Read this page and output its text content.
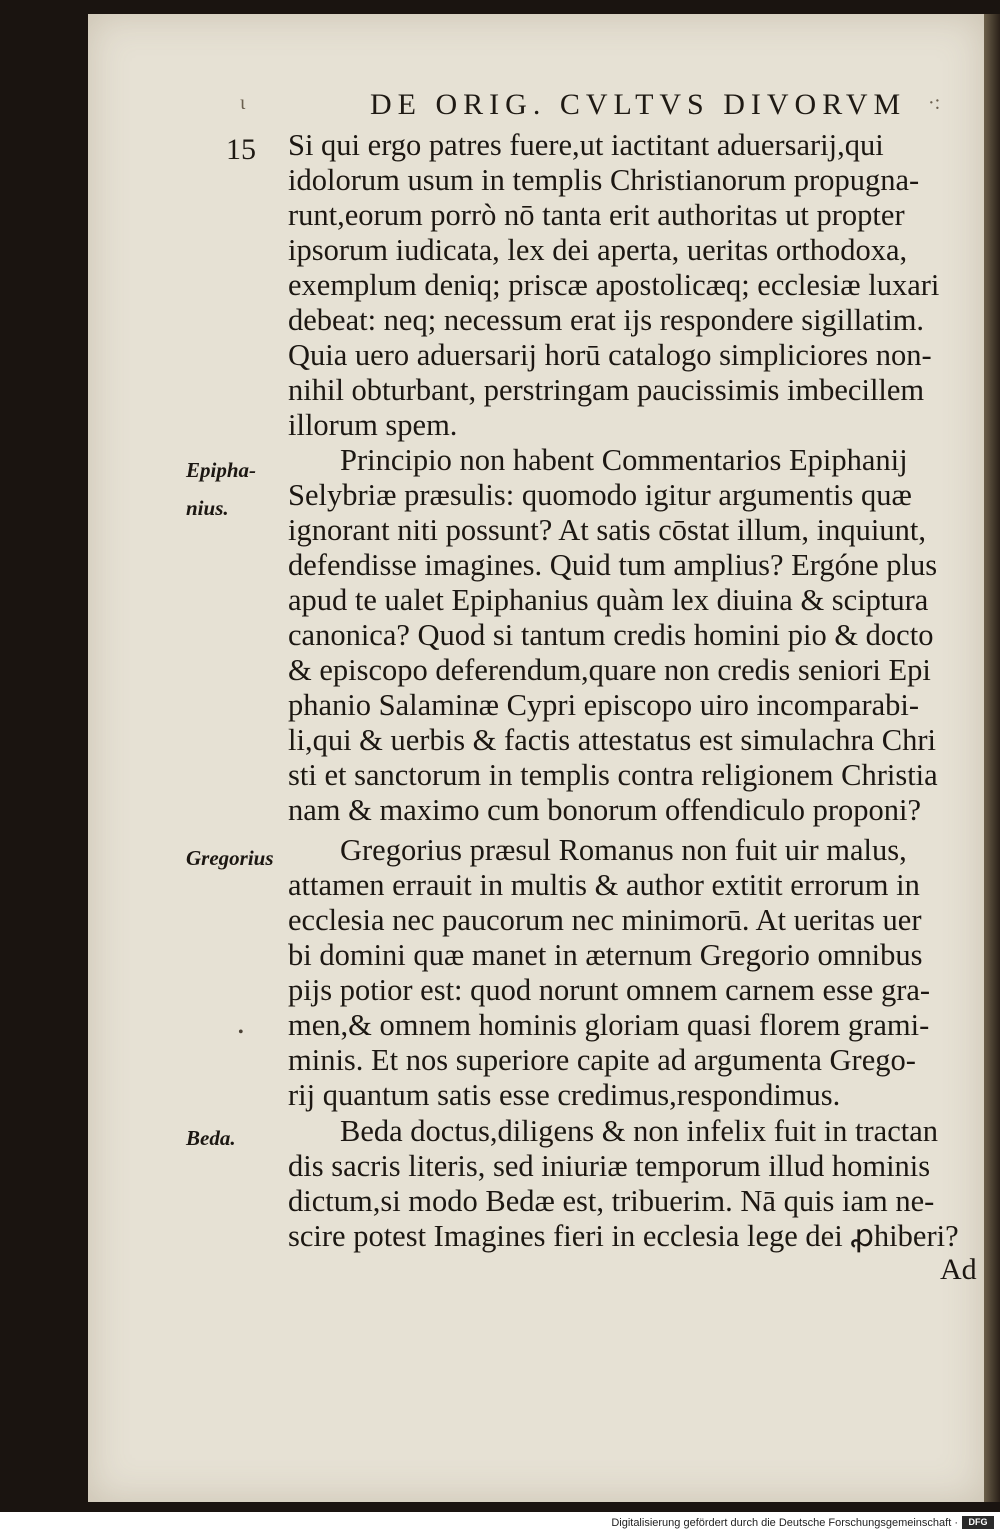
ɩ	DE ORIG. CVLTVS DIVORVM ·:
15
Epipha-
nius.
Gregorius
Beda.
•
Si qui ergo patres fuere,ut iactitant aduersarij,qui
idolorum usum in templis Christianorum propugna-
runt,eorum porrò nō tanta erit authoritas ut propter
ipsorum iudicata, lex dei aperta, ueritas orthodoxa,
exemplum deniq; priscæ apostolicæq; ecclesiæ luxari
debeat: neq; necessum erat ijs respondere sigillatim.
Quia uero aduersarij horū catalogo simpliciores non-
nihil obturbant, perstringam paucissimis imbecillem
illorum spem.
Principio non habent Commentarios Epiphanij
Selybriæ præsulis: quomodo igitur argumentis quæ
ignorant niti possunt? At satis cōstat illum, inquiunt,
defendisse imagines. Quid tum amplius? Ergóne plus
apud te ualet Epiphanius quàm lex diuina & sciptura
canonica? Quod si tantum credis homini pio & docto
& episcopo deferendum,quare non credis seniori Epi
phanio Salaminæ Cypri episcopo uiro incomparabi-
li,qui & uerbis & factis attestatus est simulachra Chri
sti et sanctorum in templis contra religionem Christia
nam & maximo cum bonorum offendiculo proponi?
Gregorius præsul Romanus non fuit uir malus,
attamen errauit in multis & author extitit errorum in
ecclesia nec paucorum nec minimorū. At ueritas uer
bi domini quæ manet in æternum Gregorio omnibus
pijs potior est: quod norunt omnem carnem esse gra-
men,& omnem hominis gloriam quasi florem grami-
minis. Et nos superiore capite ad argumenta Grego-
rij quantum satis esse credimus,respondimus.
Beda doctus,diligens & non infelix fuit in tractan
dis sacris literis, sed iniuriæ temporum illud hominis
dictum,si modo Bedæ est, tribuerim. Nā quis iam ne-
scire potest Imagines fieri in ecclesia lege dei ꝓhiberi?
Ad
Digitalisierung gefördert durch die Deutsche Forschungsgemeinschaft ·	DFG
